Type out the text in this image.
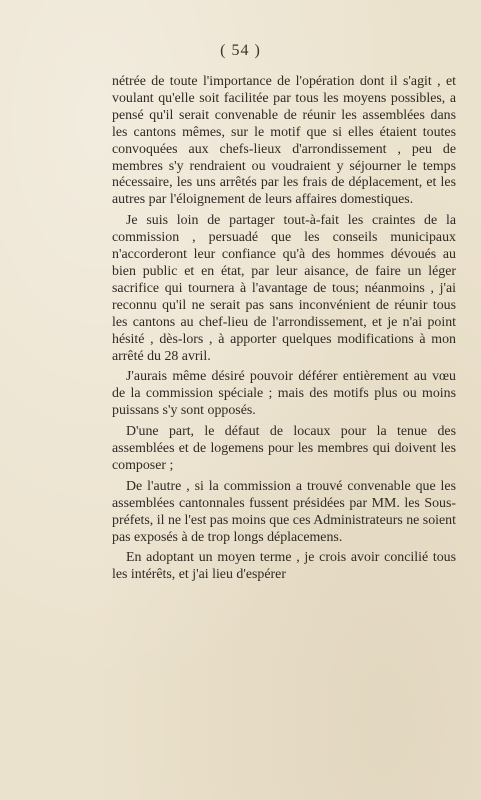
( 54 )

nétrée de toute l'importance de l'opération dont il s'agit , et voulant qu'elle soit facilitée par tous les moyens possibles, a pensé qu'il serait convenable de réunir les assemblées dans les cantons mêmes, sur le motif que si elles étaient toutes convoquées aux chefs-lieux d'arrondissement , peu de membres s'y rendraient ou voudraient y séjourner le temps nécessaire, les uns arrêtés par les frais de déplacement, et les autres par l'éloignement de leurs affaires domestiques.

Je suis loin de partager tout-à-fait les craintes de la commission , persuadé que les conseils municipaux n'accorderont leur confiance qu'à des hommes dévoués au bien public et en état, par leur aisance, de faire un léger sacrifice qui tournera à l'avantage de tous; néanmoins , j'ai reconnu qu'il ne serait pas sans inconvénient de réunir tous les cantons au chef-lieu de l'arrondissement, et je n'ai point hésité , dès-lors , à apporter quelques modifications à mon arrêté du 28 avril.

J'aurais même désiré pouvoir déférer entièrement au vœu de la commission spéciale ; mais des motifs plus ou moins puissans s'y sont opposés.

D'une part, le défaut de locaux pour la tenue des assemblées et de logemens pour les membres qui doivent les composer ;

De l'autre , si la commission a trouvé convenable que les assemblées cantonnales fussent présidées par MM. les Sous-préfets, il ne l'est pas moins que ces Administrateurs ne soient pas exposés à de trop longs déplacemens.

En adoptant un moyen terme , je crois avoir concilié tous les intérêts, et j'ai lieu d'espérer
